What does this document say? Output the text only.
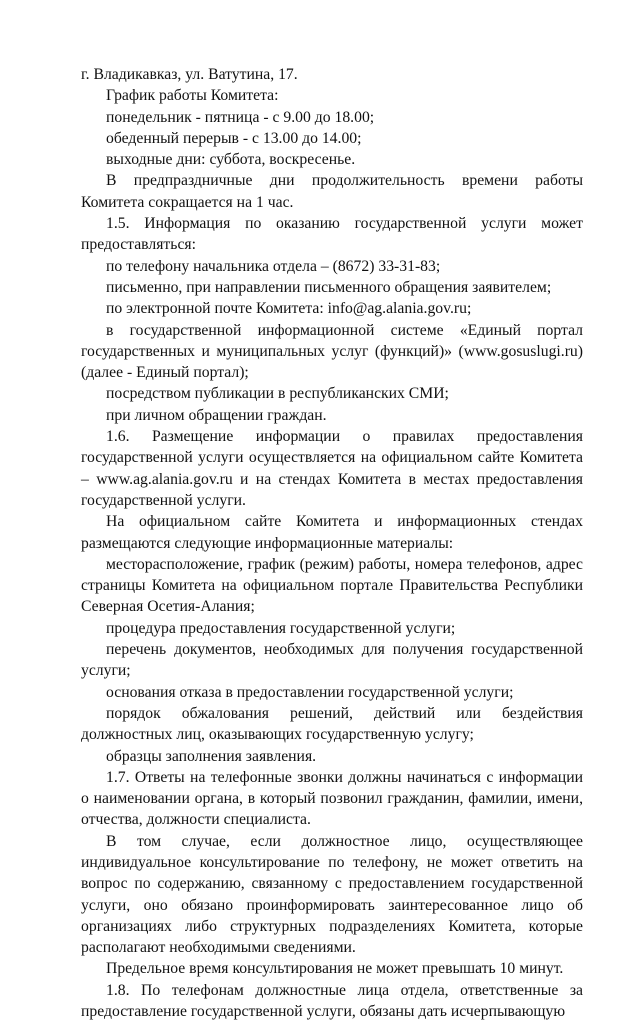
г. Владикавказ, ул. Ватутина, 17.

График работы Комитета:

понедельник - пятница - с 9.00 до 18.00;

обеденный перерыв - с 13.00 до 14.00;

выходные дни: суббота, воскресенье.

В предпраздничные дни продолжительность времени работы Комитета сокращается на 1 час.

1.5. Информация по оказанию государственной услуги может предоставляться:

по телефону начальника отдела – (8672) 33-31-83;

письменно, при направлении письменного обращения заявителем;

по электронной почте Комитета: info@ag.alania.gov.ru;

в государственной информационной системе «Единый портал государственных и муниципальных услуг (функций)» (www.gosuslugi.ru) (далее - Единый портал);

посредством публикации в республиканских СМИ;

при личном обращении граждан.

1.6. Размещение информации о правилах предоставления государственной услуги осуществляется на официальном сайте Комитета – www.ag.alania.gov.ru и на стендах Комитета в местах предоставления государственной услуги.

На официальном сайте Комитета и информационных стендах размещаются следующие информационные материалы:

месторасположение, график (режим) работы, номера телефонов, адрес страницы Комитета на официальном портале Правительства Республики Северная Осетия-Алания;

процедура предоставления государственной услуги;

перечень документов, необходимых для получения государственной услуги;

основания отказа в предоставлении государственной услуги;

порядок обжалования решений, действий или бездействия должностных лиц, оказывающих государственную услугу;

образцы заполнения заявления.

1.7. Ответы на телефонные звонки должны начинаться с информации о наименовании органа, в который позвонил гражданин, фамилии, имени, отчества, должности специалиста.

В том случае, если должностное лицо, осуществляющее индивидуальное консультирование по телефону, не может ответить на вопрос по содержанию, связанному с предоставлением государственной услуги, оно обязано проинформировать заинтересованное лицо об организациях либо структурных подразделениях Комитета, которые располагают необходимыми сведениями.

Предельное время консультирования не может превышать 10 минут.

1.8. По телефонам должностные лица отдела, ответственные за предоставление государственной услуги, обязаны дать исчерпывающую
